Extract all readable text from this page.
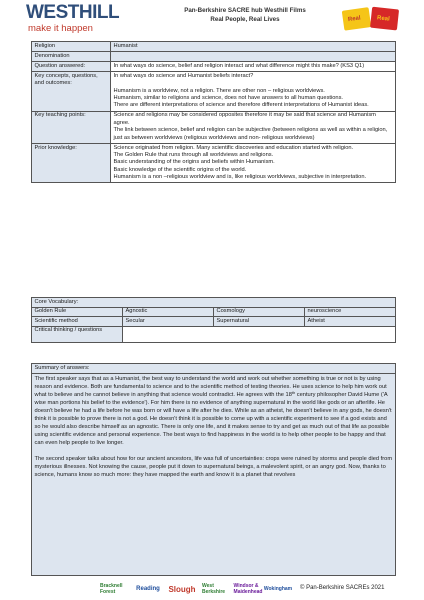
WESTHILL
make it happen
Pan-Berkshire SACRE hub Westhill Films
Real People, Real Lives	Real	Real
Religion	Humanist
Denomination	
Question answered:	In what ways do science, belief and religion interact and what difference might this make? (KS3 Q1)
Key concepts, questions, and outcomes:	In what ways do science and Humanist beliefs interact?
Humanism is a worldview, not a religion. There are other non – religious worldviews.
Humanism, similar to religions and science, does not have answers to all human questions.
There are different interpretations of science and therefore different interpretations of Humanist ideas.

Key teaching points:	Science and religions may be considered opposites therefore it may be said that science and Humanism agree.
The link between science, belief and religion can be subjective (between religions as well as within a religion, just as between worldviews (religious worldviews and non- religious worldviews)

Prior knowledge:	Science originated from religion. Many scientific discoveries and education started with religion.
The Golden Rule that runs through all worldviews and religions.
Basic understanding of the origins and beliefs within Humanism.
Basic knowledge of the scientific origins of the world.
Humanism is a non –religious worldview and is, like religious worldviews, subjective in interpretation.
Core Vocabulary:			
Golden Rule	Agnostic	Cosmology	neuroscience
Scientific method	Secular	Supernatural	Atheist
Critical thinking / questions			
Summary of answers:

The first speaker says that as a Humanist, the best way to understand the world and work out whether something is true or not is by using reason and evidence. Both are fundamental to science and to the scientific method of testing theories. He uses science to help him work out what to believe and he cannot believe in anything that science would contradict. He agrees with the 18th century philosopher David Hume ('A wise man portions his belief to the evidence'). For him there is no evidence of anything supernatural in the world like gods or an afterlife. He doesn't believe he had a life before he was born or will have a life after he dies. While as an atheist, he doesn't believe in any gods, he doesn't think it is possible to prove there is not a god. He doesn't think it is possible to come up with a scientific experiment to see if a god exists and so he would also describe himself as an agnostic. There is only one life, and it makes sense to try and get as much out of that life as possible using scientific evidence and personal experience. The best ways to find happiness in the world is to help other people to be happy and that can even help people to live longer.

The second speaker talks about how for our ancient ancestors, life was full of uncertainties: crops were ruined by storms and people died from mysterious illnesses. Not knowing the cause, people put it down to supernatural beings, a malevolent spirit, or an angry god. Now, thanks to science, humans know so much more: they have mapped the earth and know it is a planet that revolves

Bracknell Forest	Reading	Slough West Berkshire
Windsor & Maidenhead Wokingham © Pan-Berkshire SACREs 2021
